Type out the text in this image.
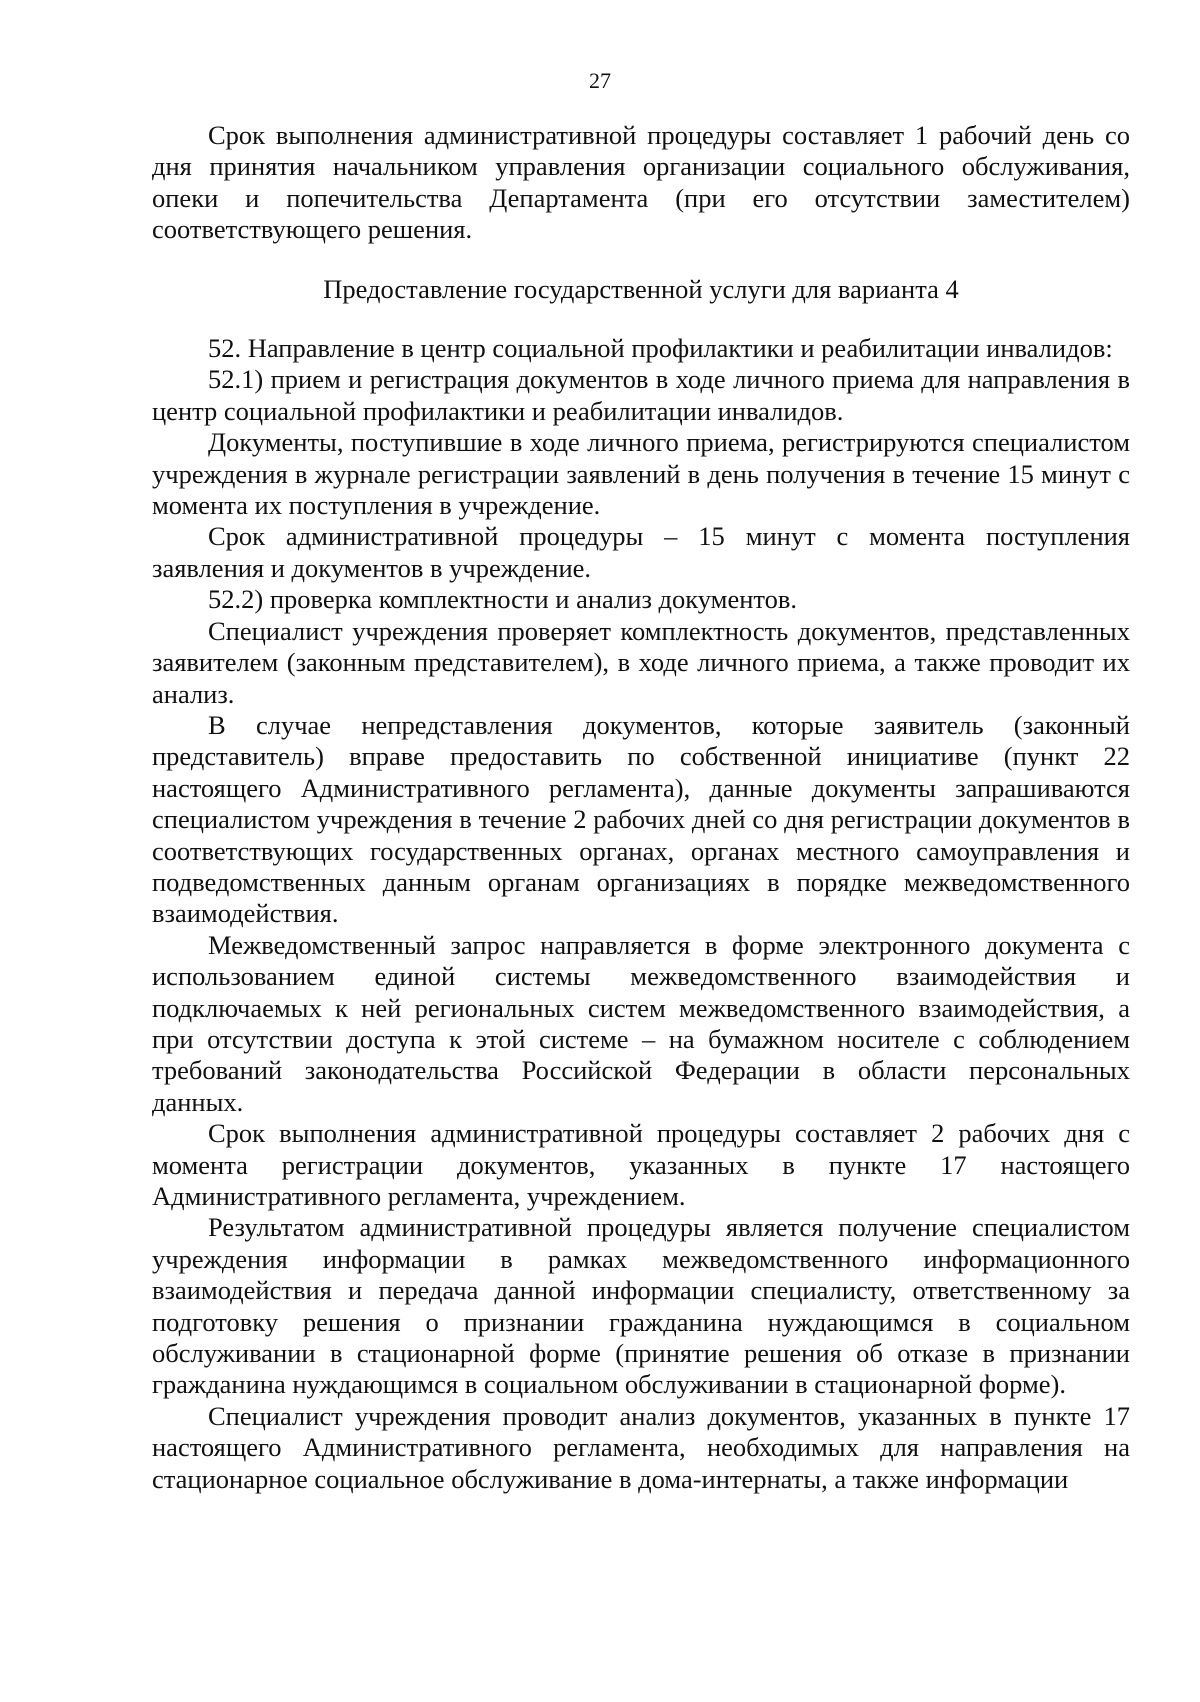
27

Срок выполнения административной процедуры составляет 1 рабочий день со дня принятия начальником управления организации социального обслуживания, опеки и попечительства Департамента (при его отсутствии заместителем) соответствующего решения.

Предоставление государственной услуги для варианта 4

52. Направление в центр социальной профилактики и реабилитации инвалидов:

52.1) прием и регистрация документов в ходе личного приема для направления в центр социальной профилактики и реабилитации инвалидов.

Документы, поступившие в ходе личного приема, регистрируются специалистом учреждения в журнале регистрации заявлений в день получения в течение 15 минут с момента их поступления в учреждение.

Срок административной процедуры – 15 минут с момента поступления заявления и документов в учреждение.

52.2) проверка комплектности и анализ документов.

Специалист учреждения проверяет комплектность документов, представленных заявителем (законным представителем), в ходе личного приема, а также проводит их анализ.

В случае непредставления документов, которые заявитель (законный представитель) вправе предоставить по собственной инициативе (пункт 22 настоящего Административного регламента), данные документы запрашиваются специалистом учреждения в течение 2 рабочих дней со дня регистрации документов в соответствующих государственных органах, органах местного самоуправления и подведомственных данным органам организациях в порядке межведомственного взаимодействия.

Межведомственный запрос направляется в форме электронного документа с использованием единой системы межведомственного взаимодействия и подключаемых к ней региональных систем межведомственного взаимодействия, а при отсутствии доступа к этой системе – на бумажном носителе с соблюдением требований законодательства Российской Федерации в области персональных данных.

Срок выполнения административной процедуры составляет 2 рабочих дня с момента регистрации документов, указанных в пункте 17 настоящего Административного регламента, учреждением.

Результатом административной процедуры является получение специалистом учреждения информации в рамках межведомственного информационного взаимодействия и передача данной информации специалисту, ответственному за подготовку решения о признании гражданина нуждающимся в социальном обслуживании в стационарной форме (принятие решения об отказе в признании гражданина нуждающимся в социальном обслуживании в стационарной форме).

Специалист учреждения проводит анализ документов, указанных в пункте 17 настоящего Административного регламента, необходимых для направления на стационарное социальное обслуживание в дома-интернаты, а также информации
